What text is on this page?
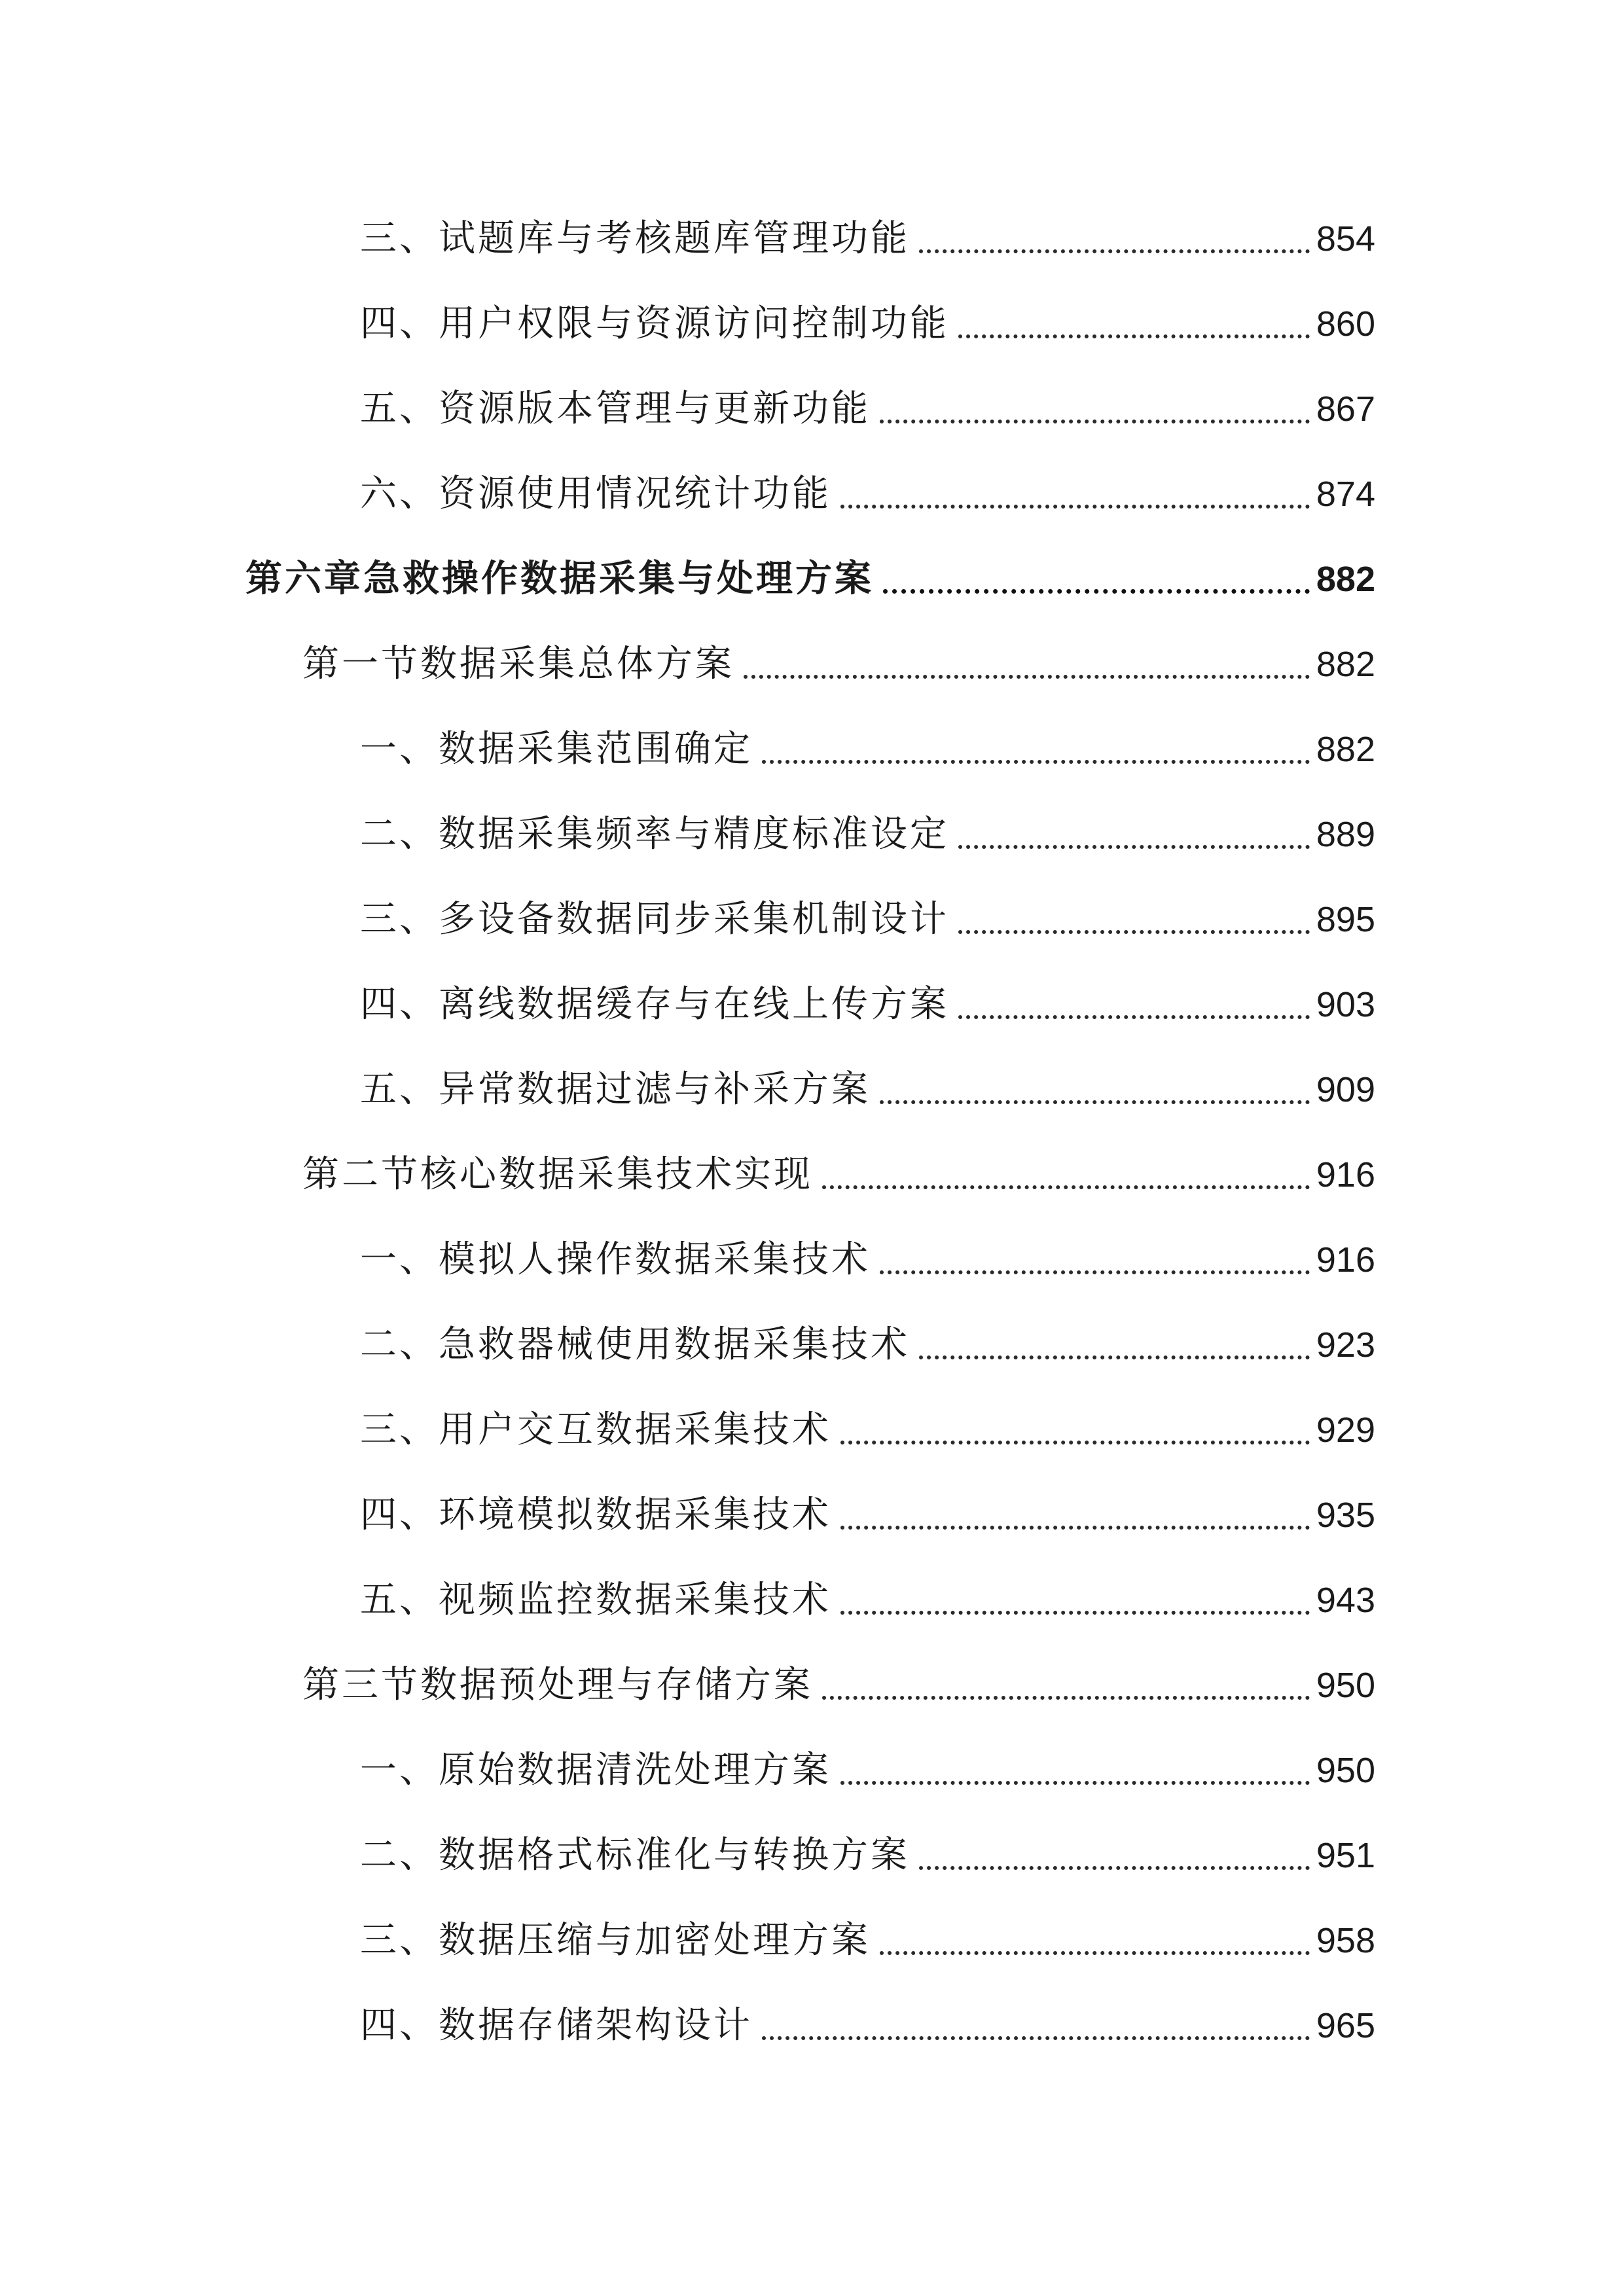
三、试题库与考核题库管理功能	854
四、用户权限与资源访问控制功能	860
五、资源版本管理与更新功能	867
六、资源使用情况统计功能	874
第六章急救操作数据采集与处理方案	882
第一节数据采集总体方案	882
一、数据采集范围确定	882
二、数据采集频率与精度标准设定	889
三、多设备数据同步采集机制设计	895
四、离线数据缓存与在线上传方案	903
五、异常数据过滤与补采方案	909
第二节核心数据采集技术实现	916
一、模拟人操作数据采集技术	916
二、急救器械使用数据采集技术	923
三、用户交互数据采集技术	929
四、环境模拟数据采集技术	935
五、视频监控数据采集技术	943
第三节数据预处理与存储方案	950
一、原始数据清洗处理方案	950
二、数据格式标准化与转换方案	951
三、数据压缩与加密处理方案	958
四、数据存储架构设计	965
